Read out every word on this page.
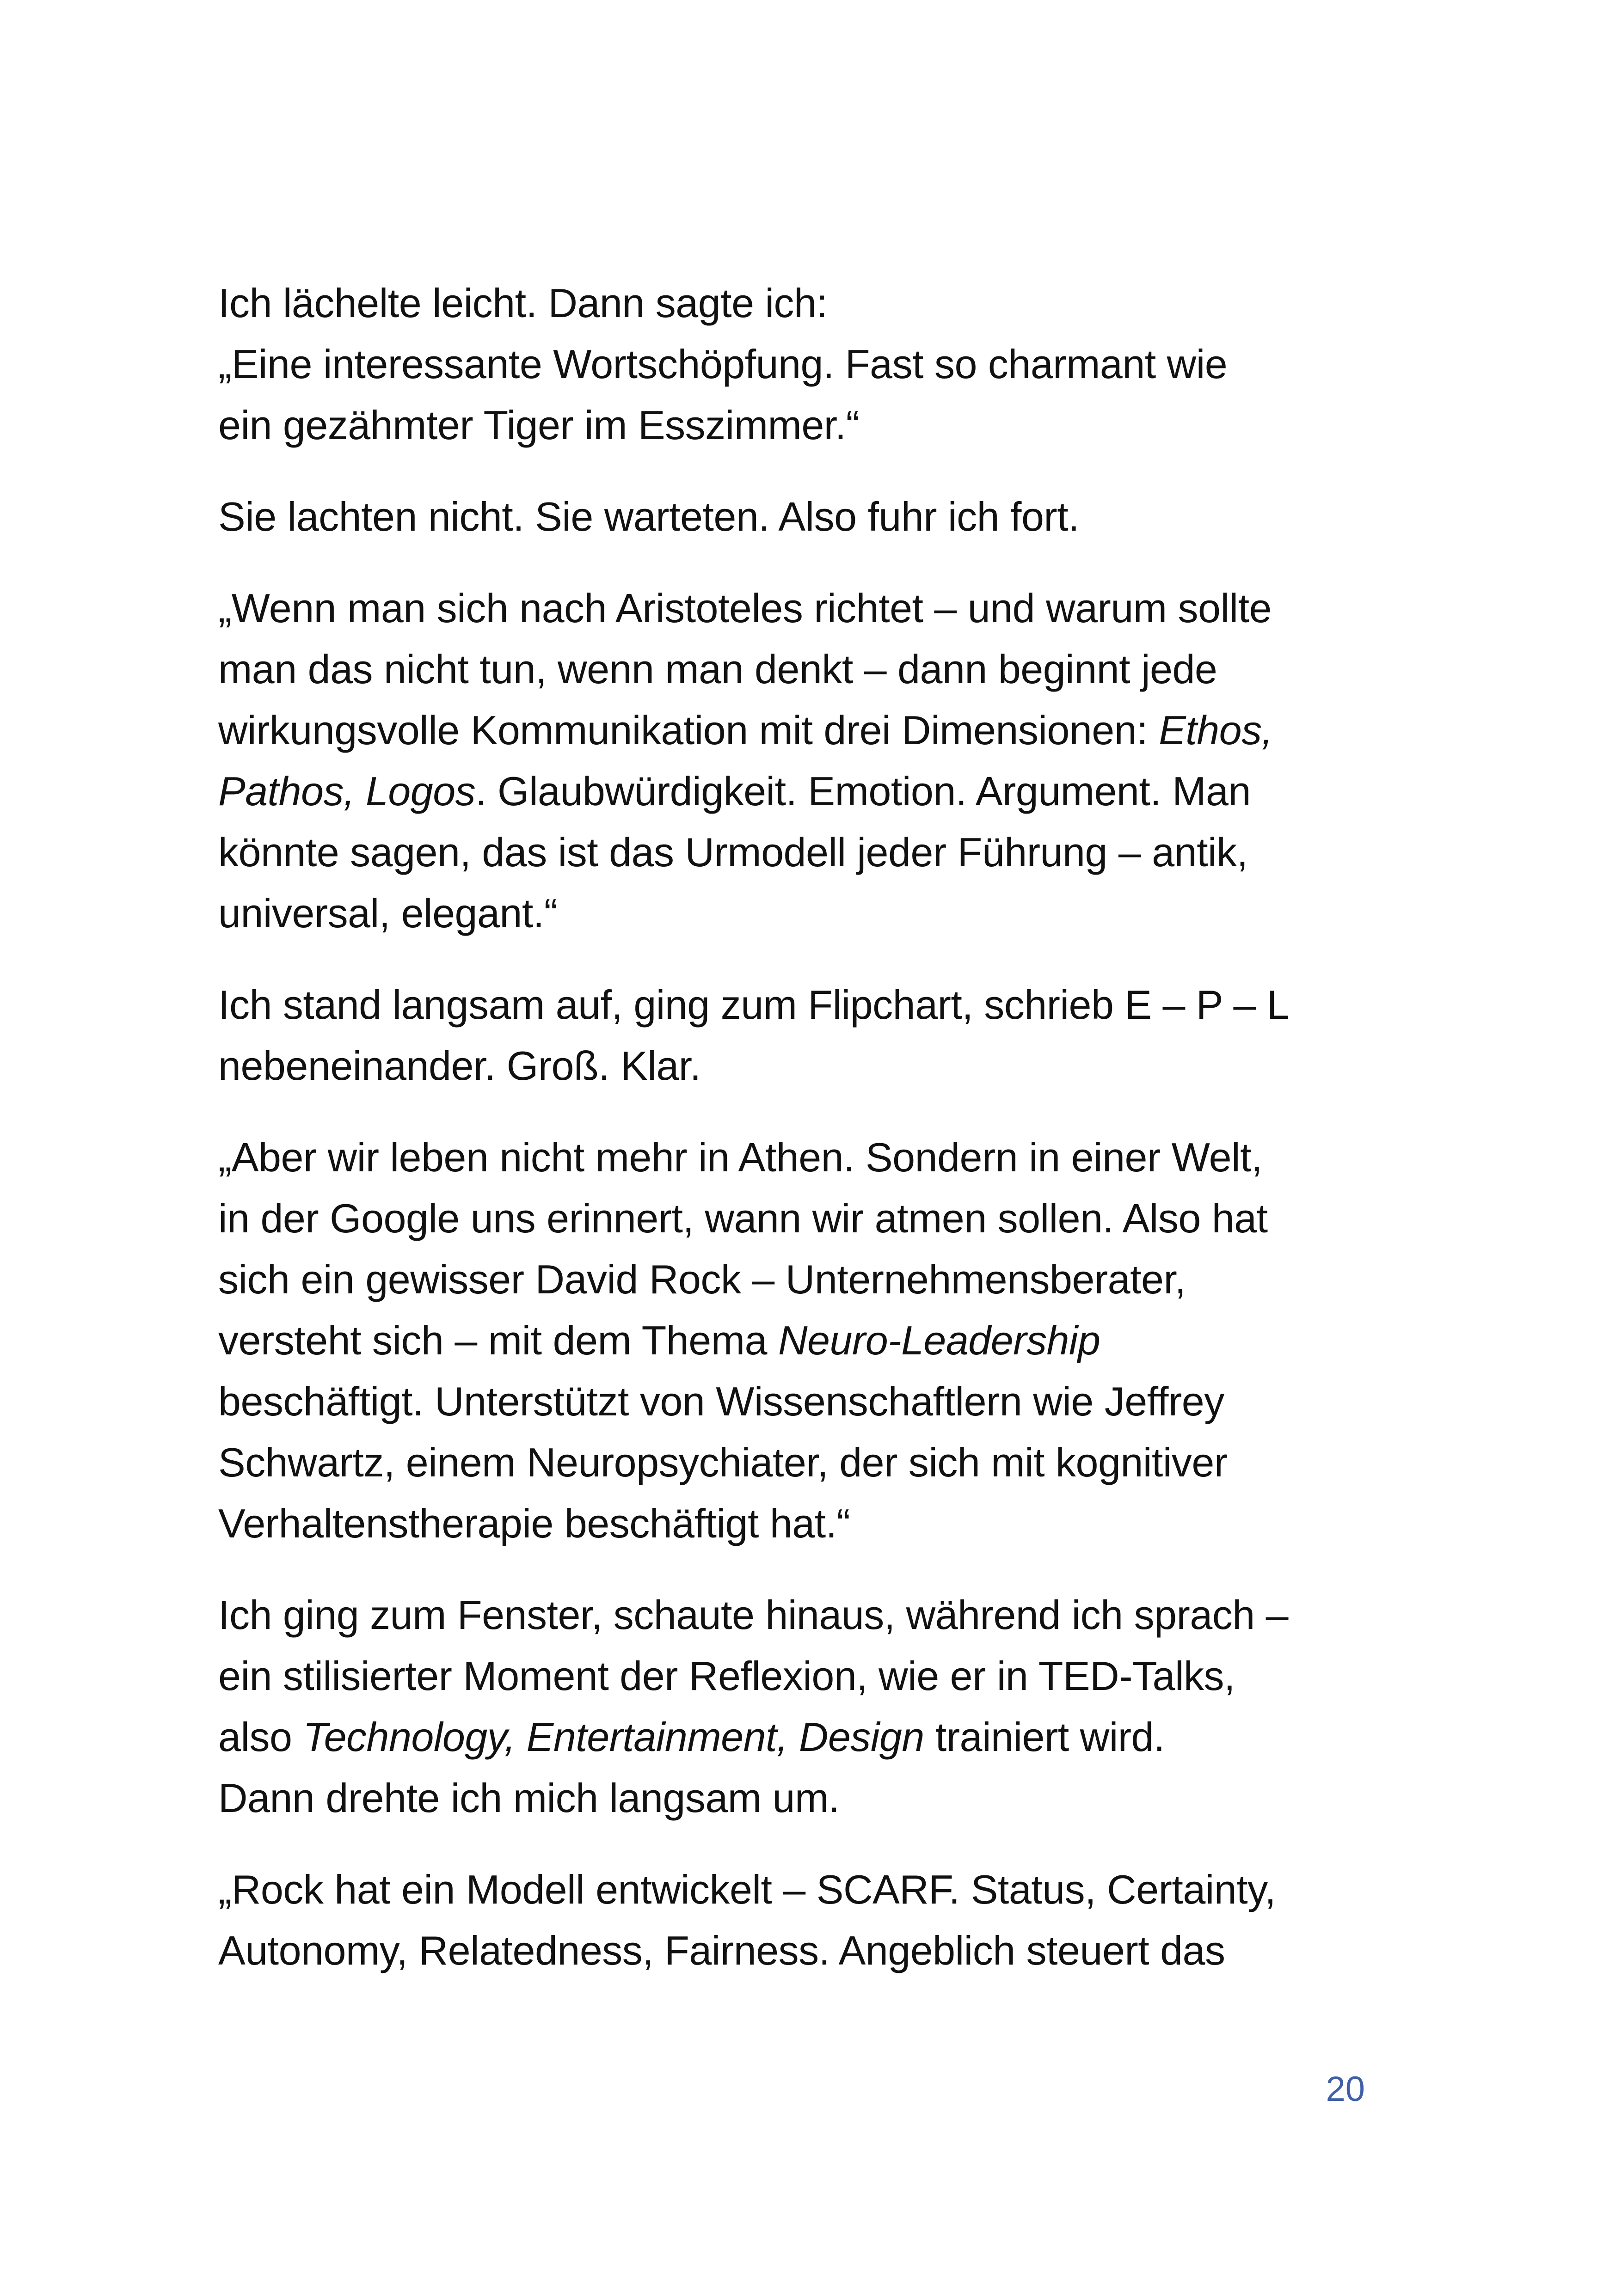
Ich lächelte leicht. Dann sagte ich:
„Eine interessante Wortschöpfung. Fast so charmant wie
ein gezähmter Tiger im Esszimmer.“

Sie lachten nicht. Sie warteten. Also fuhr ich fort.

„Wenn man sich nach Aristoteles richtet – und warum sollte
man das nicht tun, wenn man denkt – dann beginnt jede
wirkungsvolle Kommunikation mit drei Dimensionen: Ethos,
Pathos, Logos. Glaubwürdigkeit. Emotion. Argument. Man
könnte sagen, das ist das Urmodell jeder Führung – antik,
universal, elegant.“

Ich stand langsam auf, ging zum Flipchart, schrieb E – P – L
nebeneinander. Groß. Klar.

„Aber wir leben nicht mehr in Athen. Sondern in einer Welt,
in der Google uns erinnert, wann wir atmen sollen. Also hat
sich ein gewisser David Rock – Unternehmensberater,
versteht sich – mit dem Thema Neuro-Leadership
beschäftigt. Unterstützt von Wissenschaftlern wie Jeffrey
Schwartz, einem Neuropsychiater, der sich mit kognitiver
Verhaltenstherapie beschäftigt hat.“

Ich ging zum Fenster, schaute hinaus, während ich sprach –
ein stilisierter Moment der Reflexion, wie er in TED-Talks,
also Technology, Entertainment, Design trainiert wird.
Dann drehte ich mich langsam um.

„Rock hat ein Modell entwickelt – SCARF. Status, Certainty,
Autonomy, Relatedness, Fairness. Angeblich steuert das

20
